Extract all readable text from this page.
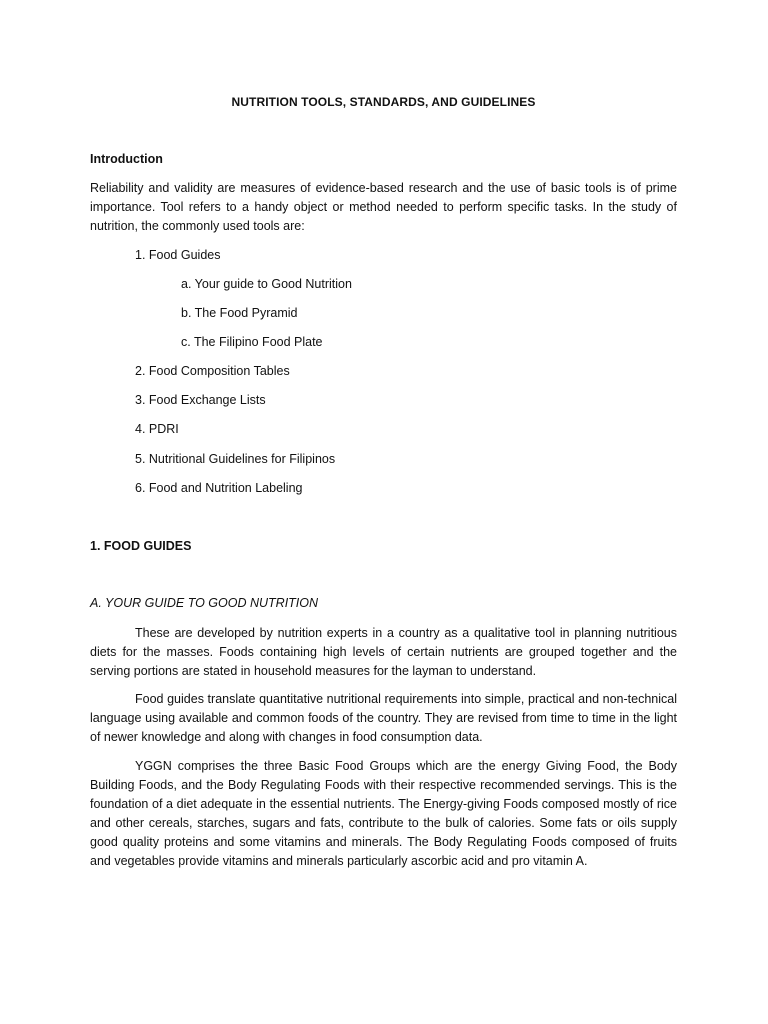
NUTRITION TOOLS, STANDARDS, AND GUIDELINES
Introduction

Reliability and validity are measures of evidence-based research and the use of basic tools is of prime importance. Tool refers to a handy object or method needed to perform specific tasks. In the study of nutrition, the commonly used tools are:

1. Food Guides
a. Your guide to Good Nutrition
b. The Food Pyramid
c. The Filipino Food Plate
2. Food Composition Tables
3. Food Exchange Lists
4. PDRI
5. Nutritional Guidelines for Filipinos
6. Food and Nutrition Labeling
1. FOOD GUIDES
A. YOUR GUIDE TO GOOD NUTRITION

These are developed by nutrition experts in a country as a qualitative tool in planning nutritious diets for the masses. Foods containing high levels of certain nutrients are grouped together and the serving portions are stated in household measures for the layman to understand.

Food guides translate quantitative nutritional requirements into simple, practical and non-technical language using available and common foods of the country. They are revised from time to time in the light of newer knowledge and along with changes in food consumption data.

YGGN comprises the three Basic Food Groups which are the energy Giving Food, the Body Building Foods, and the Body Regulating Foods with their respective recommended servings. This is the foundation of a diet adequate in the essential nutrients. The Energy-giving Foods composed mostly of rice and other cereals, starches, sugars and fats, contribute to the bulk of calories. Some fats or oils supply good quality proteins and some vitamins and minerals. The Body Regulating Foods composed of fruits and vegetables provide vitamins and minerals particularly ascorbic acid and pro vitamin A.
